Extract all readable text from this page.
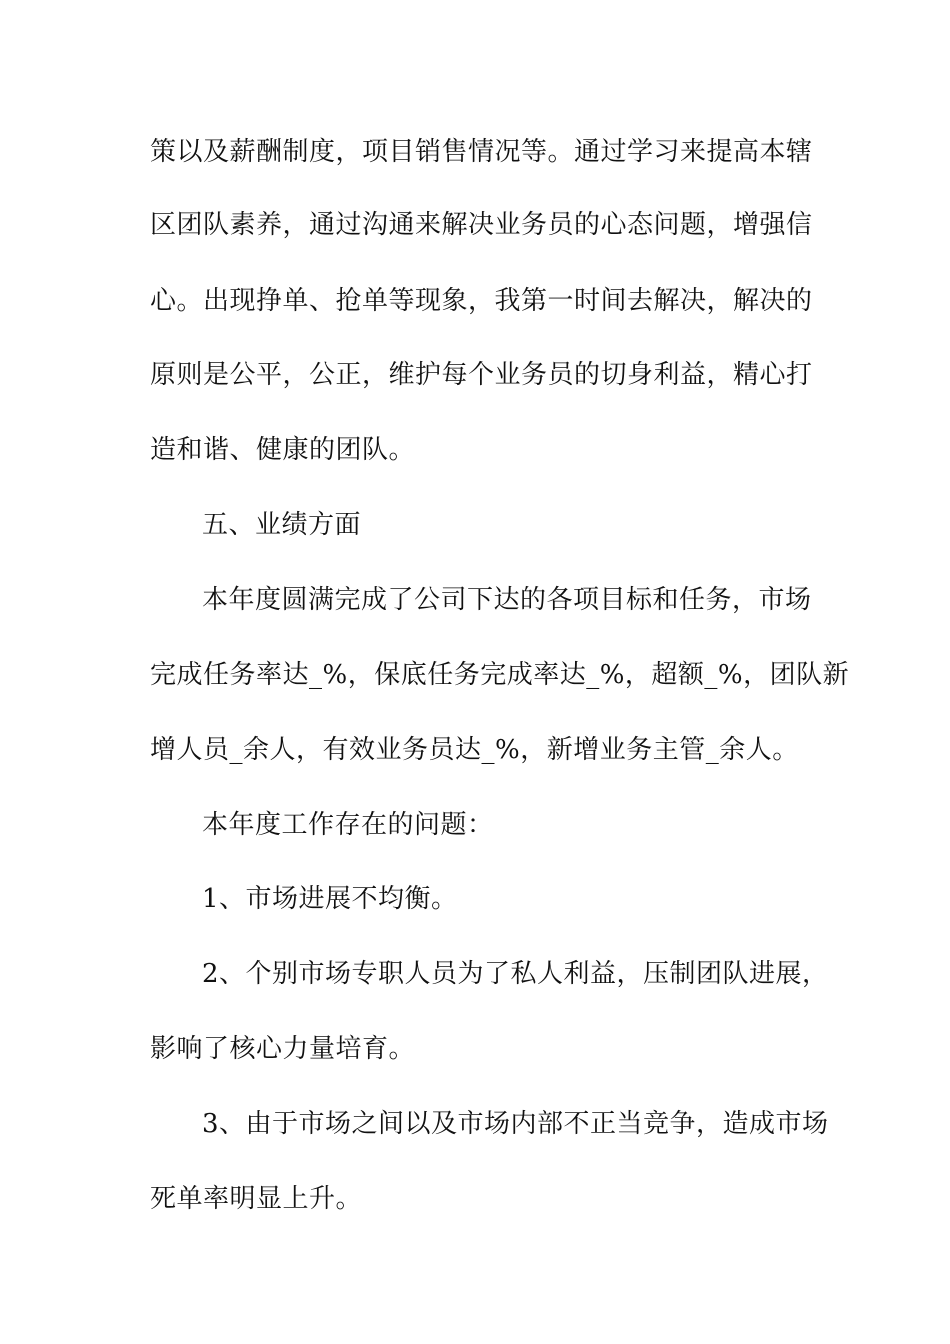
策以及薪酬制度，项目销售情况等。通过学习来提高本辖
区团队素养，通过沟通来解决业务员的心态问题，增强信
心。出现挣单、抢单等现象，我第一时间去解决，解决的
原则是公平，公正，维护每个业务员的切身利益，精心打
造和谐、健康的团队。
五、业绩方面
本年度圆满完成了公司下达的各项目标和任务，市场
完成任务率达_%，保底任务完成率达_%，超额_%，团队新
增人员_余人，有效业务员达_%，新增业务主管_余人。
本年度工作存在的问题：
1、市场进展不均衡。
2、个别市场专职人员为了私人利益，压制团队进展，
影响了核心力量培育。
3、由于市场之间以及市场内部不正当竞争，造成市场
死单率明显上升。
